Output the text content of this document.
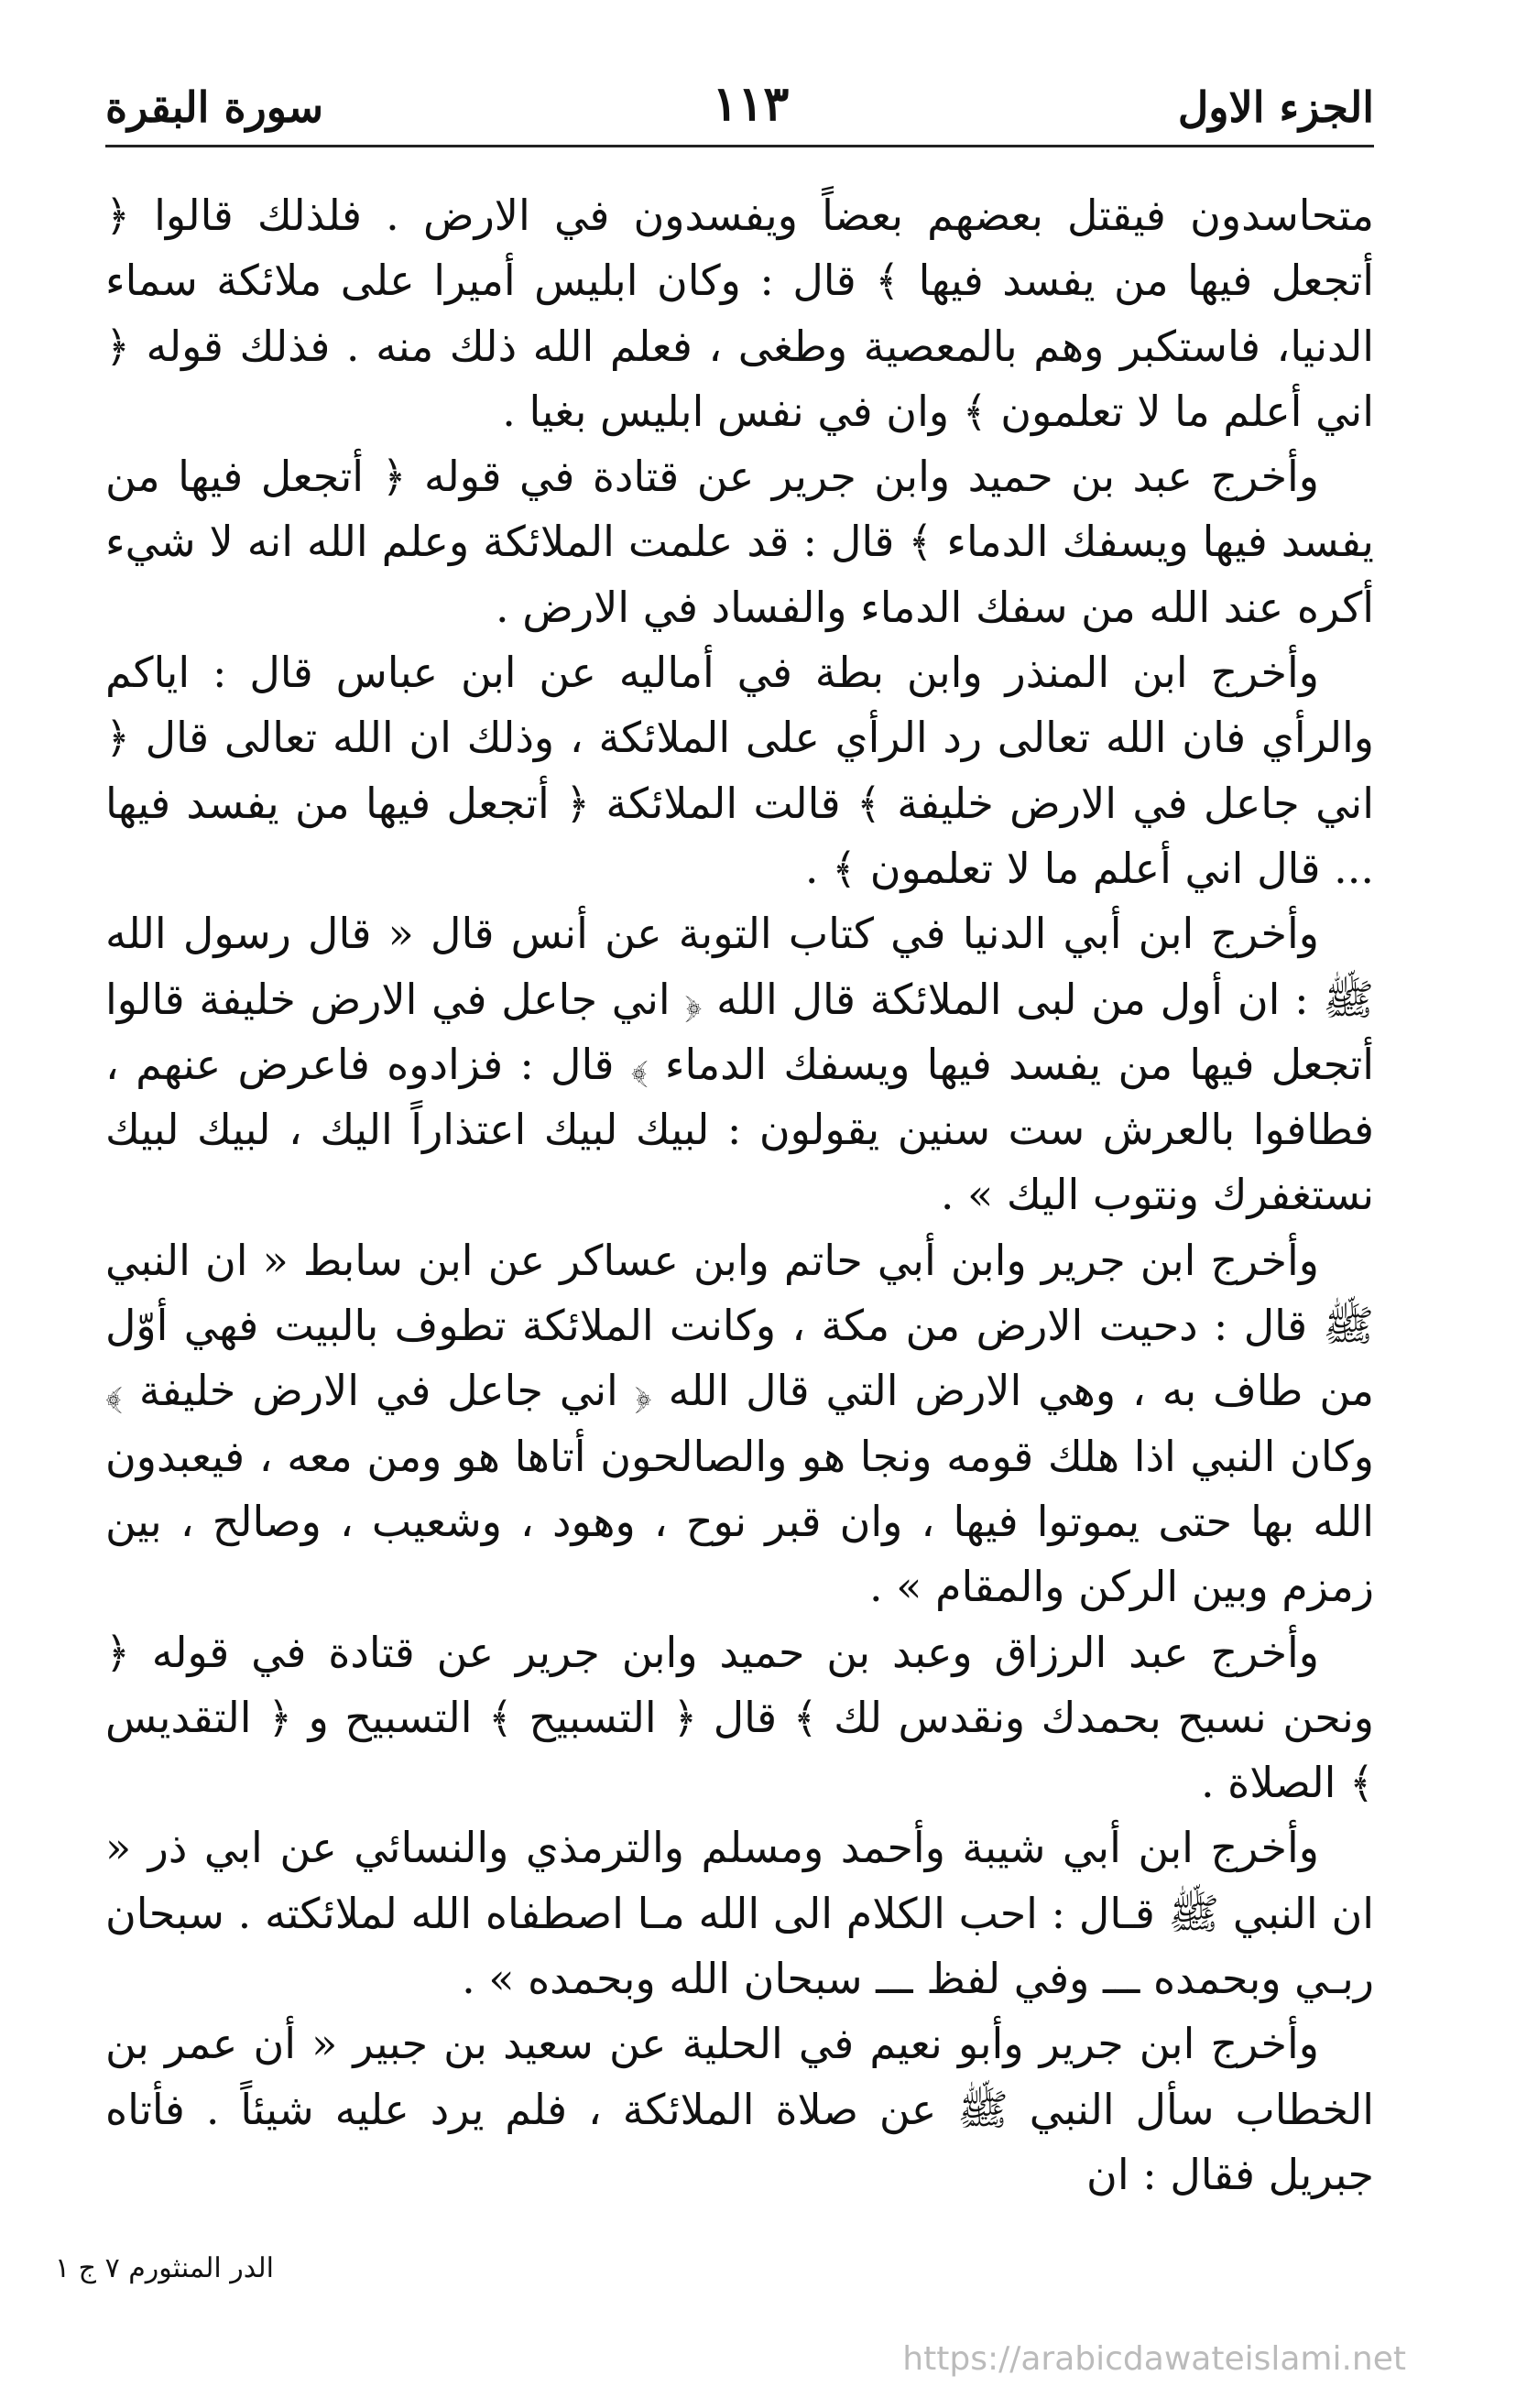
الجزء الاول
١١٣
سورة البقرة

متحاسدون فيقتل بعضهم بعضاً ويفسدون في الارض . فلذلك قالوا ﴿ أتجعل فيها من يفسد فيها ﴾ قال : وكان ابليس أميرا على ملائكة سماء الدنيا، فاستكبر وهم بالمعصية وطغى ، فعلم الله ذلك منه . فذلك قوله ﴿ اني أعلم ما لا تعلمون ﴾ وان في نفس ابليس بغيا .

وأخرج عبد بن حميد وابن جرير عن قتادة في قوله ﴿ أتجعل فيها من يفسد فيها ويسفك الدماء ﴾ قال : قد علمت الملائكة وعلم الله انه لا شيء أكره عند الله من سفك الدماء والفساد في الارض .

وأخرج ابن المنذر وابن بطة في أماليه عن ابن عباس قال : اياكم والرأي فان الله تعالى رد الرأي على الملائكة ، وذلك ان الله تعالى قال ﴿ اني جاعل في الارض خليفة ﴾ قالت الملائكة ﴿ أتجعل فيها من يفسد فيها ... قال اني أعلم ما لا تعلمون ﴾ .

وأخرج ابن أبي الدنيا في كتاب التوبة عن أنس قال « قال رسول الله ﷺ : ان أول من لبى الملائكة قال الله ﴿ اني جاعل في الارض خليفة قالوا أتجعل فيها من يفسد فيها ويسفك الدماء ﴾ قال : فزادوه فاعرض عنهم ، فطافوا بالعرش ست سنين يقولون : لبيك لبيك اعتذاراً اليك ، لبيك لبيك نستغفرك ونتوب اليك » .

وأخرج ابن جرير وابن أبي حاتم وابن عساكر عن ابن سابط « ان النبي ﷺ قال : دحيت الارض من مكة ، وكانت الملائكة تطوف بالبيت فهي أوّل من طاف به ، وهي الارض التي قال الله ﴿ اني جاعل في الارض خليفة ﴾ وكان النبي اذا هلك قومه ونجا هو والصالحون أتاها هو ومن معه ، فيعبدون الله بها حتى يموتوا فيها ، وان قبر نوح ، وهود ، وشعيب ، وصالح ، بين زمزم وبين الركن والمقام » .

وأخرج عبد الرزاق وعبد بن حميد وابن جرير عن قتادة في قوله ﴿ ونحن نسبح بحمدك ونقدس لك ﴾ قال ﴿ التسبيح ﴾ التسبيح و ﴿ التقديس ﴾ الصلاة .

وأخرج ابن أبي شيبة وأحمد ومسلم والترمذي والنسائي عن ابي ذر « ان النبي ﷺ قـال : احب الكلام الى الله مـا اصطفاه الله لملائكته . سبحان ربـي وبحمده ـــ وفي لفظ ـــ سبحان الله وبحمده » .

وأخرج ابن جرير وأبو نعيم في الحلية عن سعيد بن جبير « أن عمر بن الخطاب سأل النبي ﷺ عن صلاة الملائكة ، فلم يرد عليه شيئاً . فأتاه جبريل فقال : ان

الدر المنثورم ٧ ج ١
https://arabicdawateislami.net
